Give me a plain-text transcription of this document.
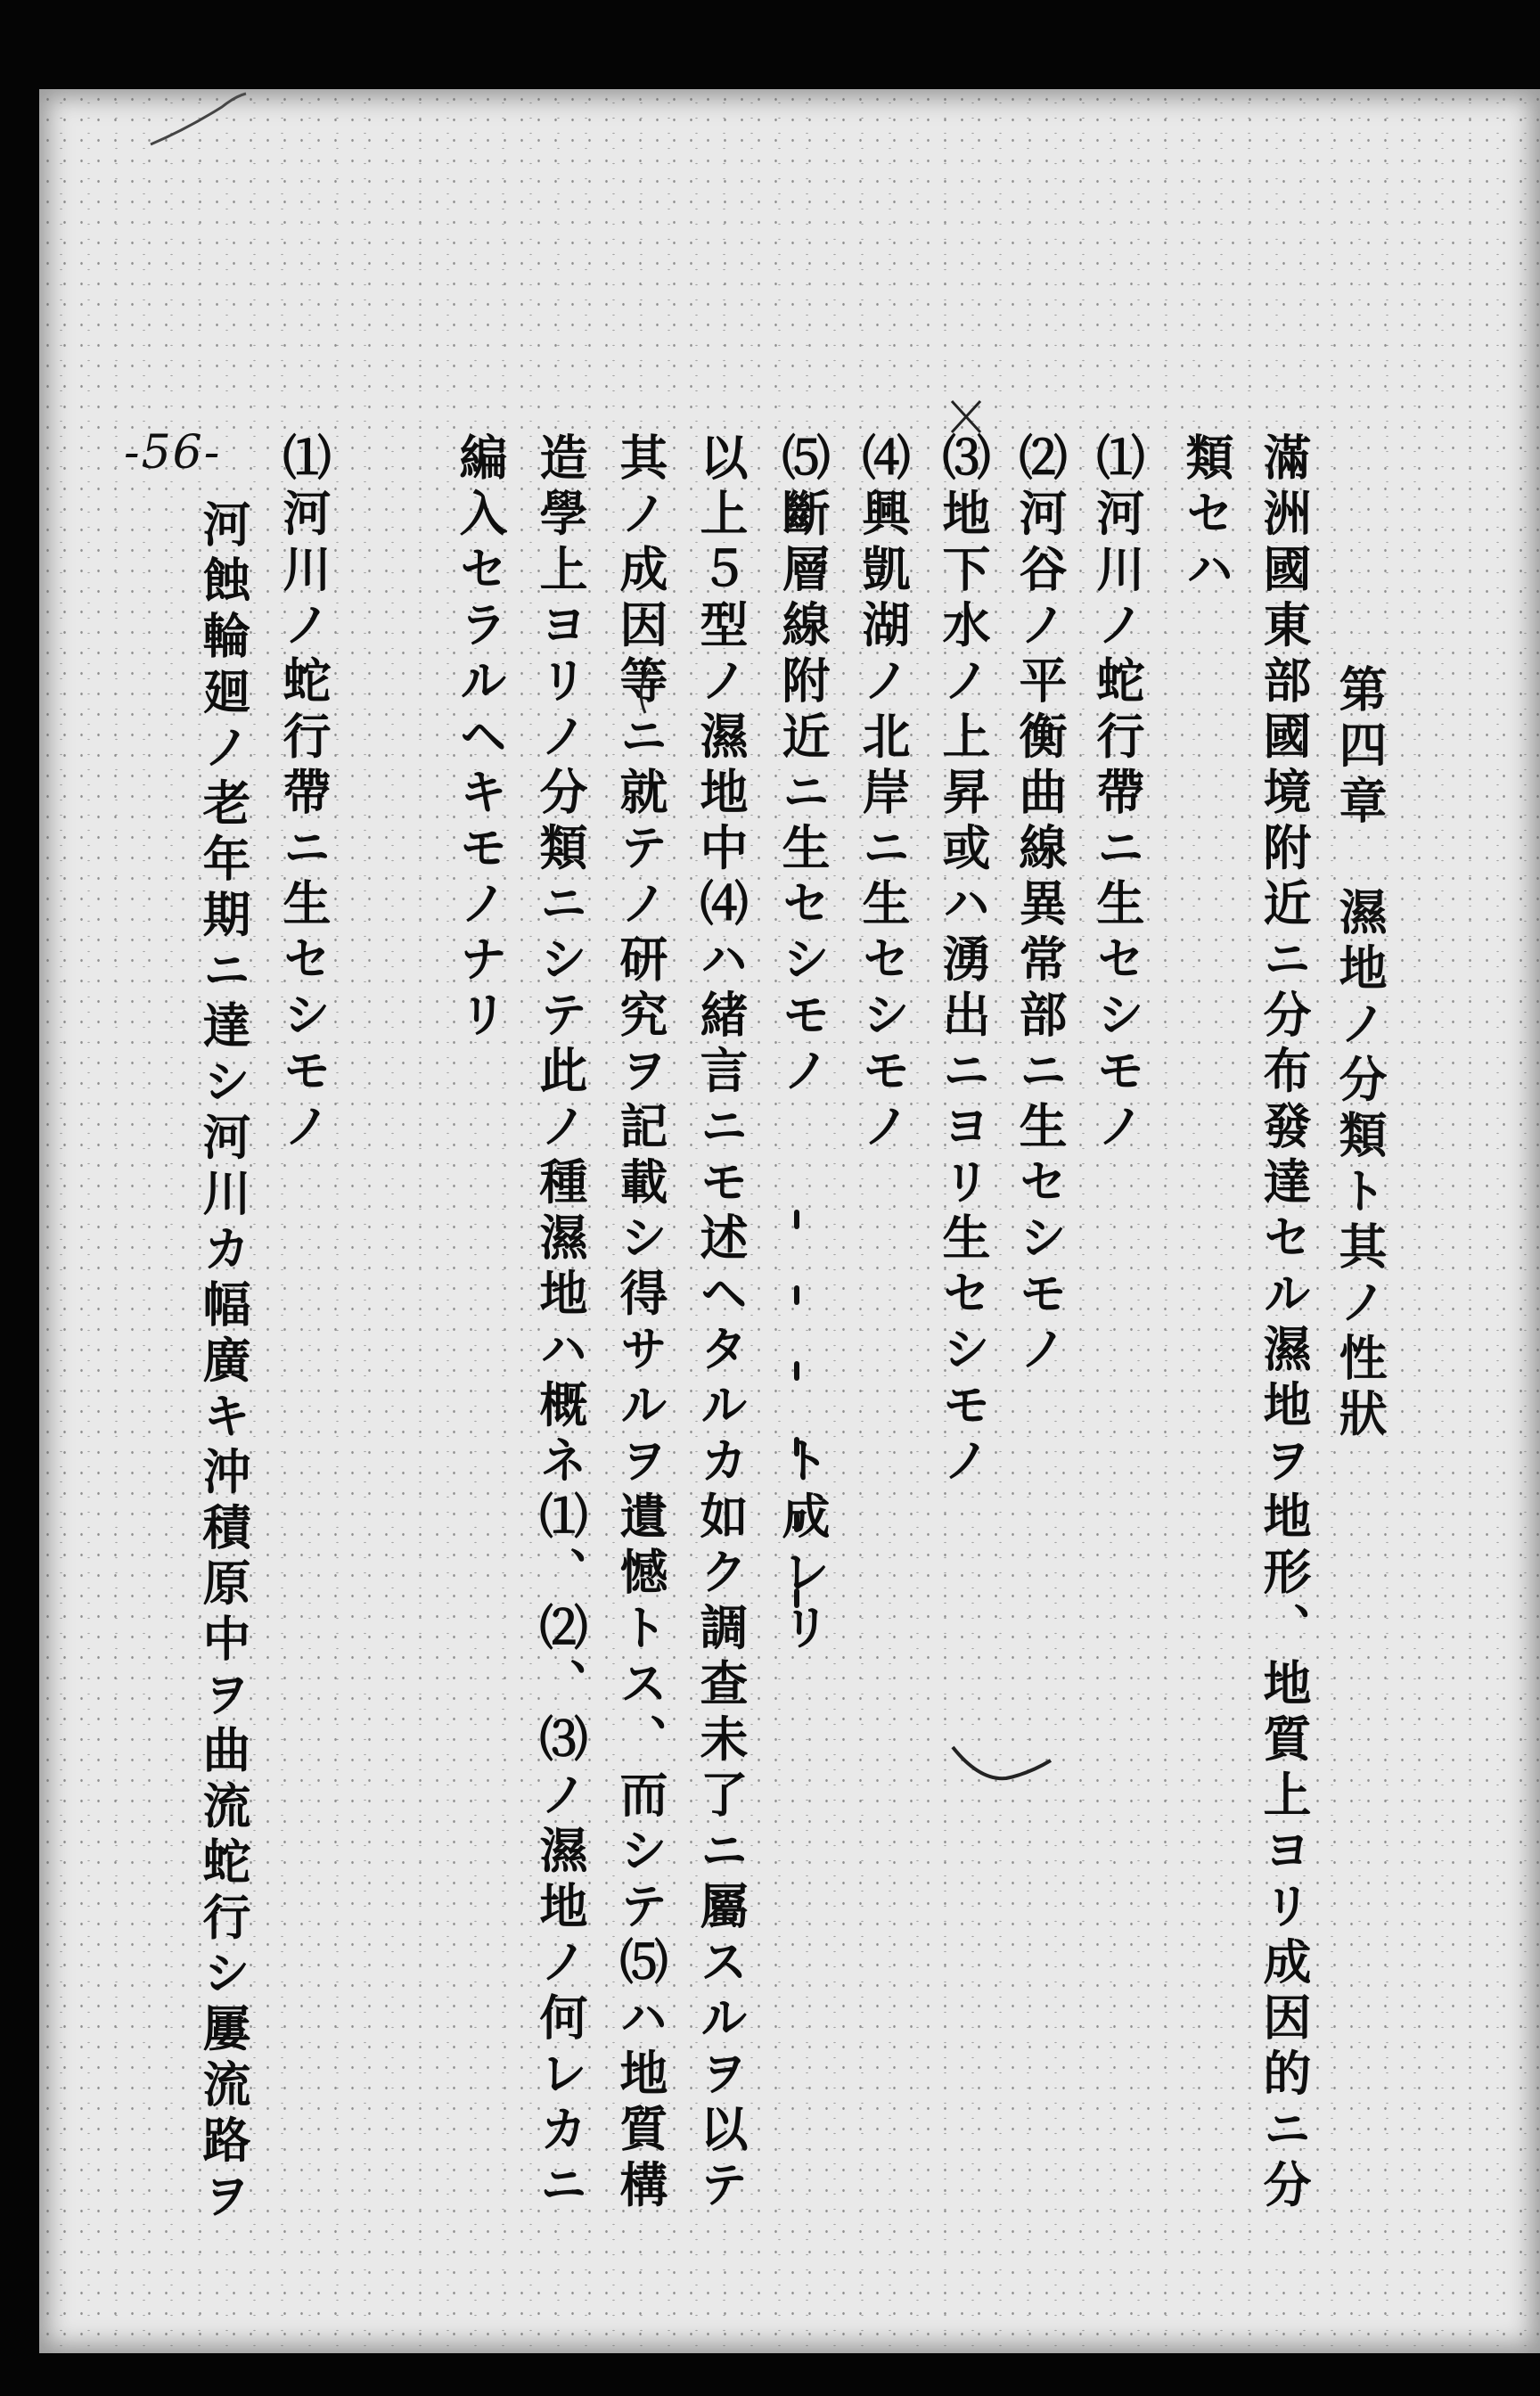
-56-
第四章　濕地ノ分類ト其ノ性狀
滿洲國東部國境附近ニ分布發達セル濕地ヲ地形、地質上ヨリ成因的ニ分
類セハ
⑴河川ノ蛇行帶ニ生セシモノ
⑵河谷ノ平衡曲線異常部ニ生セシモノ
⑶地下水ノ上昇或ハ湧出ニヨリ生セシモノ
⑷興凱湖ノ北岸ニ生セシモノ
⑸斷層線附近ニ生セシモノ　　　　　　ト成レリ
以上５型ノ濕地中⑷ハ緒言ニモ述ヘタルカ如ク調查未了ニ屬スルヲ以テ
其ノ成因等ニ就テノ研究ヲ記載シ得サルヲ遺憾トス、而シテ⑸ハ地質構
造學上ヨリノ分類ニシテ此ノ種濕地ハ概ネ⑴、⑵、⑶ノ濕地ノ何レカニ
編入セラルヘキモノナリ
⑴河川ノ蛇行帶ニ生セシモノ
河蝕輪廻ノ老年期ニ達シ河川カ幅廣キ沖積原中ヲ曲流蛇行シ屢流路ヲ
